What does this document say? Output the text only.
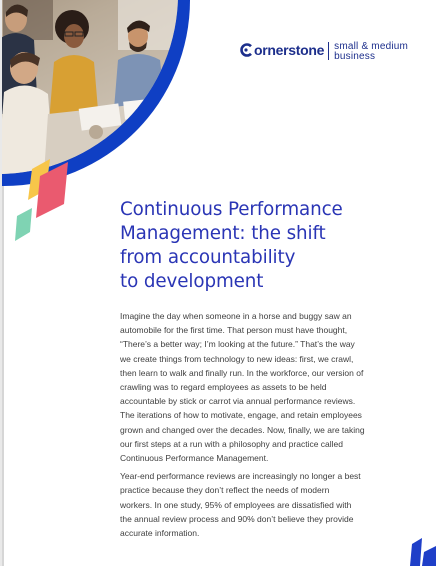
ornerstone small & medium
business
Continuous Performance
Management: the shift
from accountability
to development

Imagine the day when someone in a horse and buggy saw an
automobile for the first time. That person must have thought,
“There’s a better way; I’m looking at the future.” That’s the way
we create things from technology to new ideas: first, we crawl,
then learn to walk and finally run. In the workforce, our version of
crawling was to regard employees as assets to be held
accountable by stick or carrot via annual performance reviews.
The iterations of how to motivate, engage, and retain employees
grown and changed over the decades. Now, finally, we are taking
our first steps at a run with a philosophy and practice called
Continuous Performance Management.

Year-end performance reviews are increasingly no longer a best
practice because they don’t reflect the needs of modern
workers. In one study, 95% of employees are dissatisfied with
the annual review process and 90% don’t believe they provide
accurate information.
